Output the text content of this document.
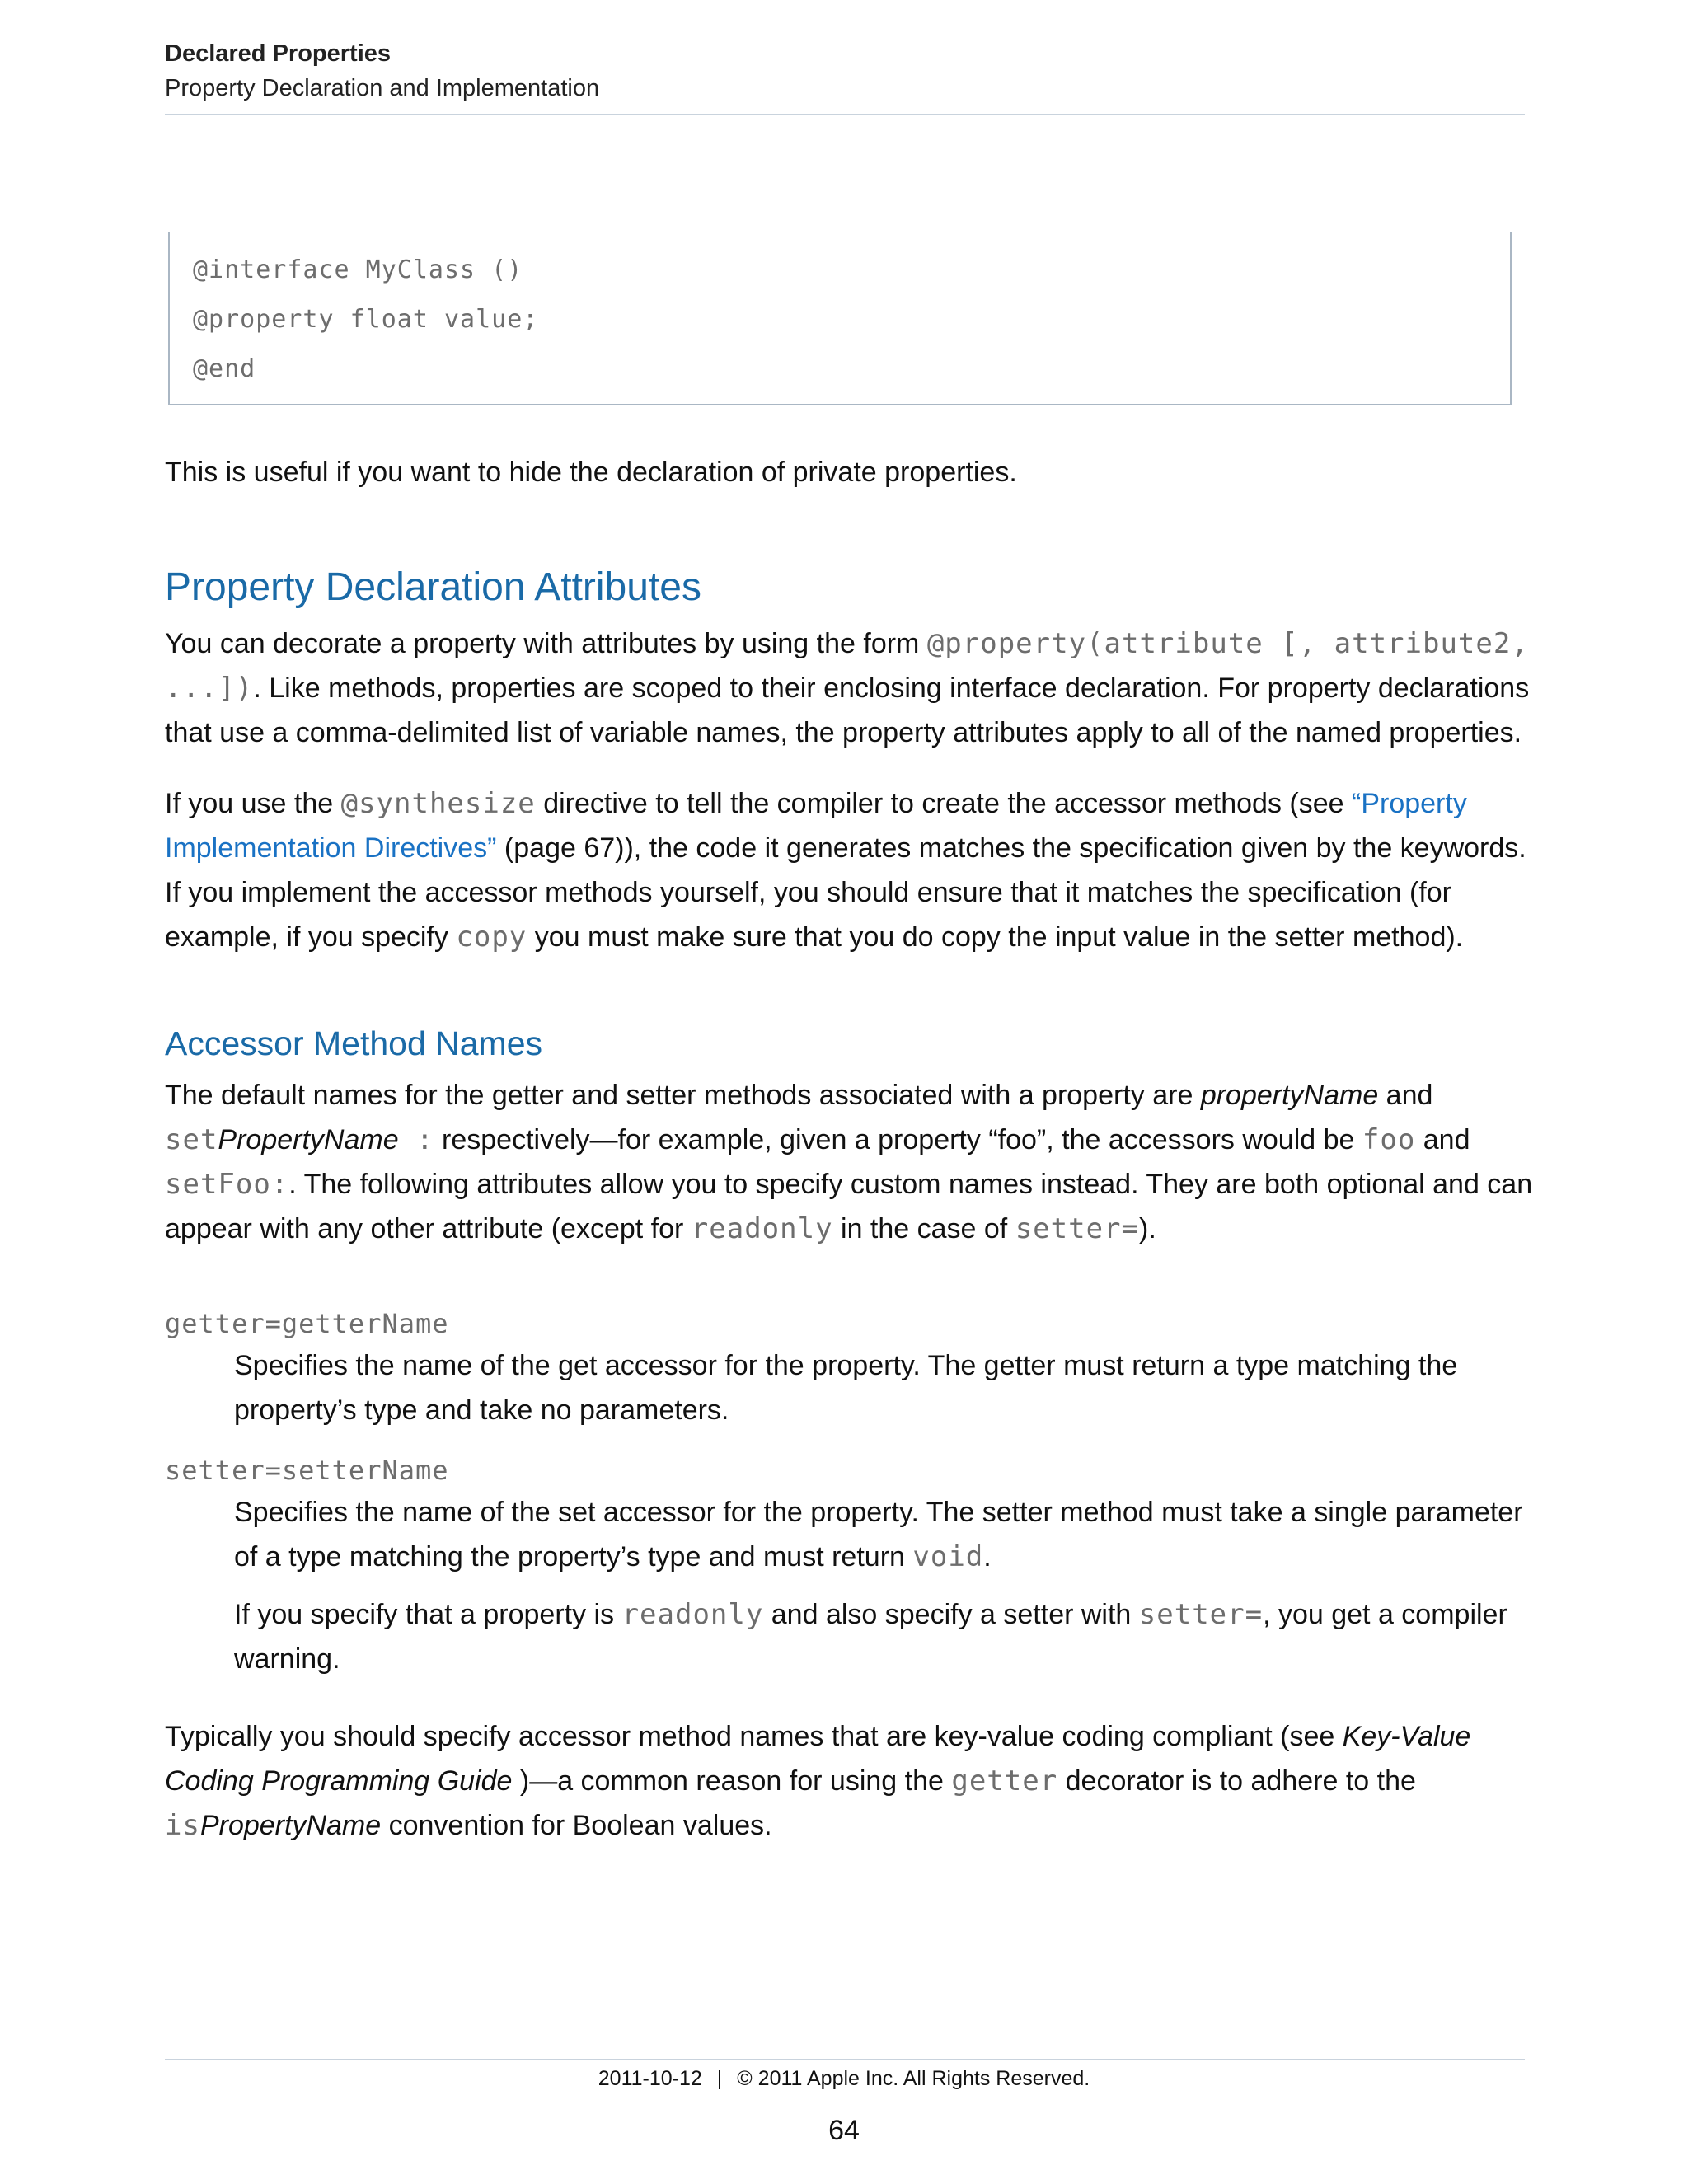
Declared Properties
Property Declaration and Implementation
@interface MyClass ()
@property float value;
@end
This is useful if you want to hide the declaration of private properties.
Property Declaration Attributes
You can decorate a property with attributes by using the form @property(attribute [, attribute2,
...]). Like methods, properties are scoped to their enclosing interface declaration. For property declarations that use a comma-delimited list of variable names, the property attributes apply to all of the named properties.
If you use the @synthesize directive to tell the compiler to create the accessor methods (see “Property Implementation Directives” (page 67)), the code it generates matches the specification given by the keywords. If you implement the accessor methods yourself, you should ensure that it matches the specification (for example, if you specify copy you must make sure that you do copy the input value in the setter method).
Accessor Method Names
The default names for the getter and setter methods associated with a property are propertyName and
setPropertyName : respectively—for example, given a property “foo”, the accessors would be foo and
setFoo:. The following attributes allow you to specify custom names instead. They are both optional and can appear with any other attribute (except for readonly in the case of setter=).
getter=getterName
Specifies the name of the get accessor for the property. The getter must return a type matching the property’s type and take no parameters.
setter=setterName
Specifies the name of the set accessor for the property. The setter method must take a single parameter of a type matching the property’s type and must return void.
If you specify that a property is readonly and also specify a setter with setter=, you get a compiler warning.
Typically you should specify accessor method names that are key-value coding compliant (see Key-Value Coding Programming Guide )—a common reason for using the getter decorator is to adhere to the isPropertyName convention for Boolean values.
2011-10-12 | © 2011 Apple Inc. All Rights Reserved.
64
